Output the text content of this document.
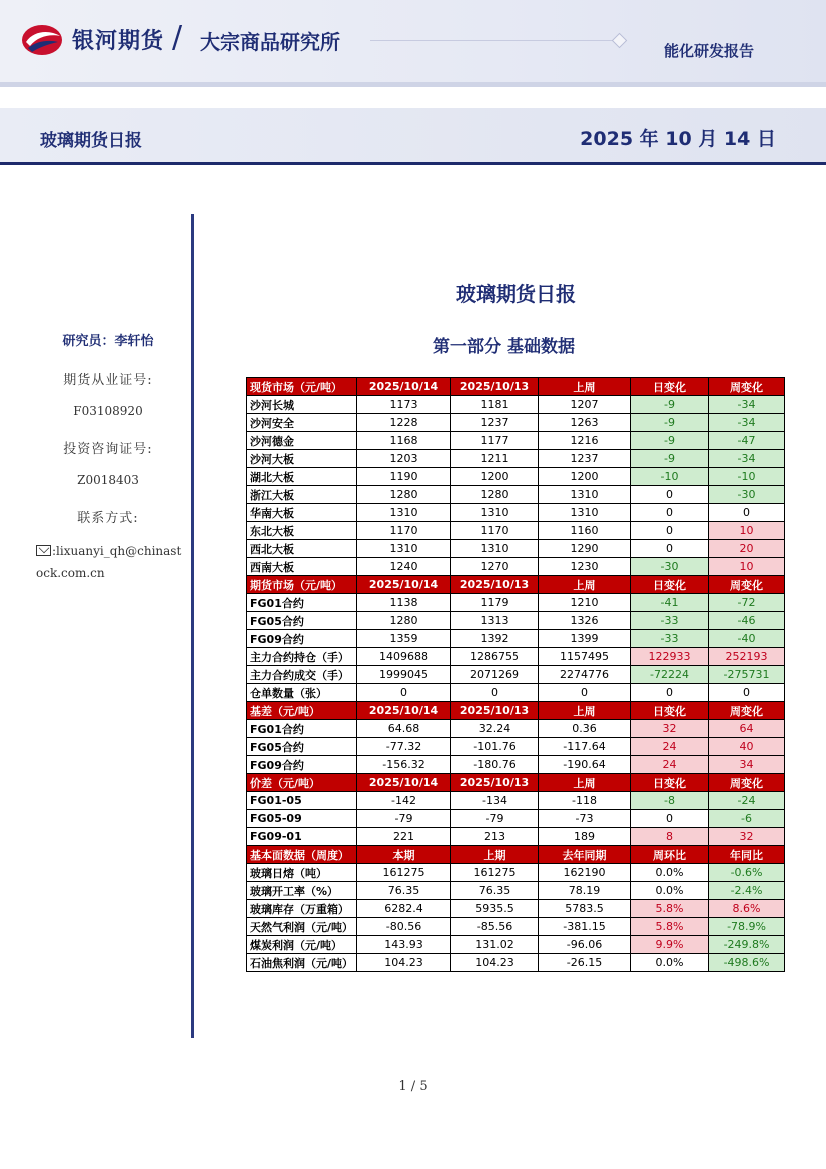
银河期货 / 大宗商品研究所	能化研发报告
玻璃期货日报	2025 年 10 月 14 日
研究员：李轩怡
期货从业证号:
F03108920
投资咨询证号:
Z0018403
联系方式:
:lixuanyi_qh@chinastock.com.cn
玻璃期货日报
第一部分 基础数据
现货市场（元/吨）	2025/10/14	2025/10/13	上周	日变化	周变化
沙河长城	1173	1181	1207	-9	-34
沙河安全	1228	1237	1263	-9	-34
沙河德金	1168	1177	1216	-9	-47
沙河大板	1203	1211	1237	-9	-34
湖北大板	1190	1200	1200	-10	-10
浙江大板	1280	1280	1310	0	-30
华南大板	1310	1310	1310	0	0
东北大板	1170	1170	1160	0	10
西北大板	1310	1310	1290	0	20
西南大板	1240	1270	1230	-30	10
期货市场（元/吨）	2025/10/14	2025/10/13	上周	日变化	周变化
FG01合约	1138	1179	1210	-41	-72
FG05合约	1280	1313	1326	-33	-46
FG09合约	1359	1392	1399	-33	-40
主力合约持仓（手）	1409688	1286755	1157495	122933	252193
主力合约成交（手）	1999045	2071269	2274776	-72224	-275731
仓单数量（张）	0	0	0	0	0
基差（元/吨）	2025/10/14	2025/10/13	上周	日变化	周变化
FG01合约	64.68	32.24	0.36	32	64
FG05合约	-77.32	-101.76	-117.64	24	40
FG09合约	-156.32	-180.76	-190.64	24	34
价差（元/吨）	2025/10/14	2025/10/13	上周	日变化	周变化
FG01-05	-142	-134	-118	-8	-24
FG05-09	-79	-79	-73	0	-6
FG09-01	221	213	189	8	32
基本面数据（周度）	本期	上期	去年同期	周环比	年同比
玻璃日熔（吨）	161275	161275	162190	0.0%	-0.6%
玻璃开工率（%）	76.35	76.35	78.19	0.0%	-2.4%
玻璃库存（万重箱）	6282.4	5935.5	5783.5	5.8%	8.6%
天然气利润（元/吨）	-80.56	-85.56	-381.15	5.8%	-78.9%
煤炭利润（元/吨）	143.93	131.02	-96.06	9.9%	-249.8%
石油焦利润（元/吨）	104.23	104.23	-26.15	0.0%	-498.6%
1 / 5
